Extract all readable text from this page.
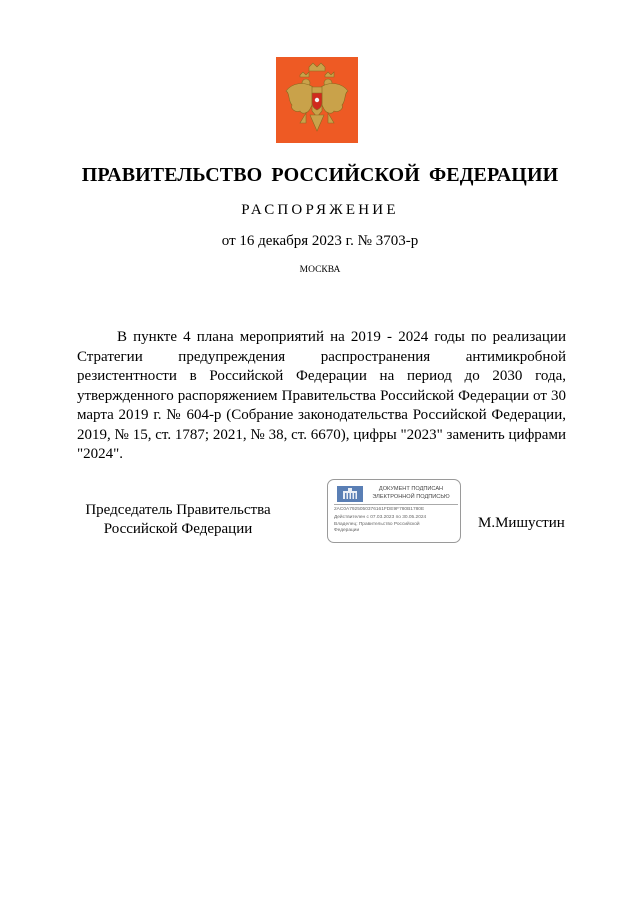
ПРАВИТЕЛЬСТВО РОССИЙСКОЙ ФЕДЕРАЦИИ
РАСПОРЯЖЕНИЕ
от 16 декабря 2023 г. № 3703-р
МОСКВА

В пункте 4 плана мероприятий на 2019 - 2024 годы по реализации Стратегии предупреждения распространения антимикробной резистентности в Российской Федерации на период до 2030 года, утвержденного распоряжением Правительства Российской Федерации от 30 марта 2019 г. № 604-р (Собрание законодательства Российской Федерации, 2019, № 15, ст. 1787; 2021, № 38, ст. 6670), цифры "2023" заменить цифрами "2024".

Председатель Правительства
Российской Федерации
ДОКУМЕНТ ПОДПИСАН
ЭЛЕКТРОННОЙ ПОДПИСЬЮ
2AC0A7925050376161FDE9F780B1780E
Действителен с 07.03.2023 по 30.05.2024
Владелец: Правительство Российской
Федерации	М.Мишустин
